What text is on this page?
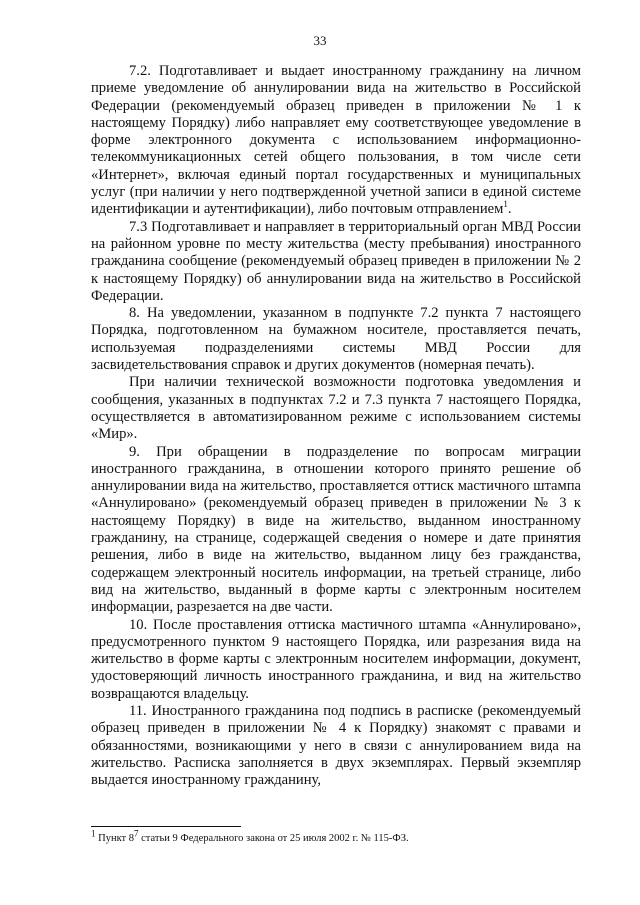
33

7.2. Подготавливает и выдает иностранному гражданину на личном приеме уведомление об аннулировании вида на жительство в Российской Федерации (рекомендуемый образец приведен в приложении № 1 к настоящему Порядку) либо направляет ему соответствующее уведомление в форме электронного документа с использованием информационно-телекоммуникационных сетей общего пользования, в том числе сети «Интернет», включая единый портал государственных и муниципальных услуг (при наличии у него подтвержденной учетной записи в единой системе идентификации и аутентификации), либо почтовым отправлением$^1$.

7.3 Подготавливает и направляет в территориальный орган МВД России на районном уровне по месту жительства (месту пребывания) иностранного гражданина сообщение (рекомендуемый образец приведен в приложении № 2 к настоящему Порядку) об аннулировании вида на жительство в Российской Федерации.

8. На уведомлении, указанном в подпункте 7.2 пункта 7 настоящего Порядка, подготовленном на бумажном носителе, проставляется печать, используемая подразделениями системы МВД России для засвидетельствования справок и других документов (номерная печать).

При наличии технической возможности подготовка уведомления и сообщения, указанных в подпунктах 7.2 и 7.3 пункта 7 настоящего Порядка, осуществляется в автоматизированном режиме с использованием системы «Мир».

9. При обращении в подразделение по вопросам миграции иностранного гражданина, в отношении которого принято решение об аннулировании вида на жительство, проставляется оттиск мастичного штампа «Аннулировано» (рекомендуемый образец приведен в приложении № 3 к настоящему Порядку) в виде на жительство, выданном иностранному гражданину, на странице, содержащей сведения о номере и дате принятия решения, либо в виде на жительство, выданном лицу без гражданства, содержащем электронный носитель информации, на третьей странице, либо вид на жительство, выданный в форме карты с электронным носителем информации, разрезается на две части.

10. После проставления оттиска мастичного штампа «Аннулировано», предусмотренного пунктом 9 настоящего Порядка, или разрезания вида на жительство в форме карты с электронным носителем информации, документ, удостоверяющий личность иностранного гражданина, и вид на жительство возвращаются владельцу.

11. Иностранного гражданина под подпись в расписке (рекомендуемый образец приведен в приложении № 4 к Порядку) знакомят с правами и обязанностями, возникающими у него в связи с аннулированием вида на жительство. Расписка заполняется в двух экземплярах. Первый экземпляр выдается иностранному гражданину,

$^1$ Пункт $8^7$ статьи 9 Федерального закона от 25 июля 2002 г. № 115-ФЗ.
